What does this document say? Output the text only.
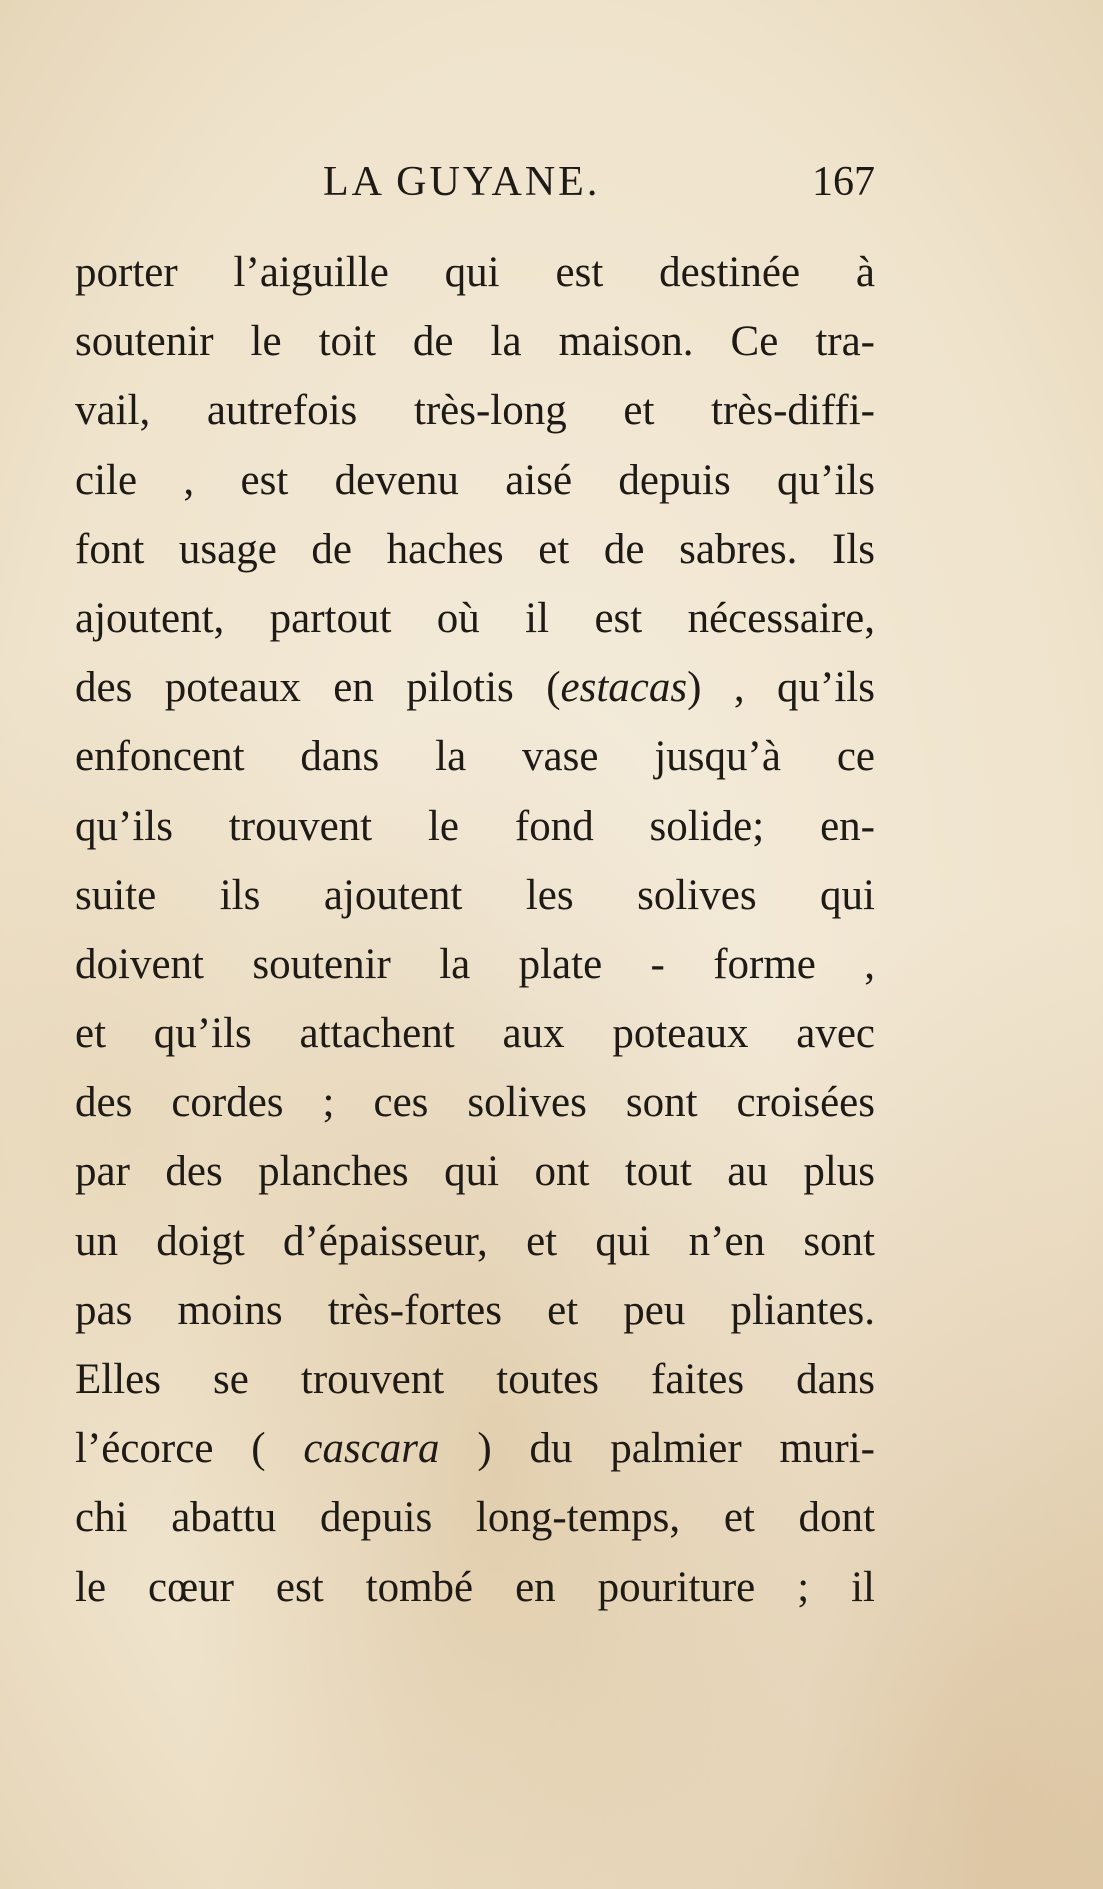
LA GUYANE.	167
porter l’aiguille qui est destinée à
soutenir le toit de la maison. Ce tra-
vail, autrefois très-long et très-diffi-
cile , est devenu aisé depuis qu’ils
font usage de haches et de sabres. Ils
ajoutent, partout où il est nécessaire,
des poteaux en pilotis (estacas) , qu’ils
enfoncent dans la vase jusqu’à ce
qu’ils trouvent le fond solide; en-
suite ils ajoutent les solives qui
doivent soutenir la plate - forme ,
et qu’ils attachent aux poteaux avec
des cordes ; ces solives sont croisées
par des planches qui ont tout au plus
un doigt d’épaisseur, et qui n’en sont
pas moins très-fortes et peu pliantes.
Elles se trouvent toutes faites dans
l’écorce ( cascara ) du palmier muri-
chi abattu depuis long-temps, et dont
le cœur est tombé en pouriture ; il
